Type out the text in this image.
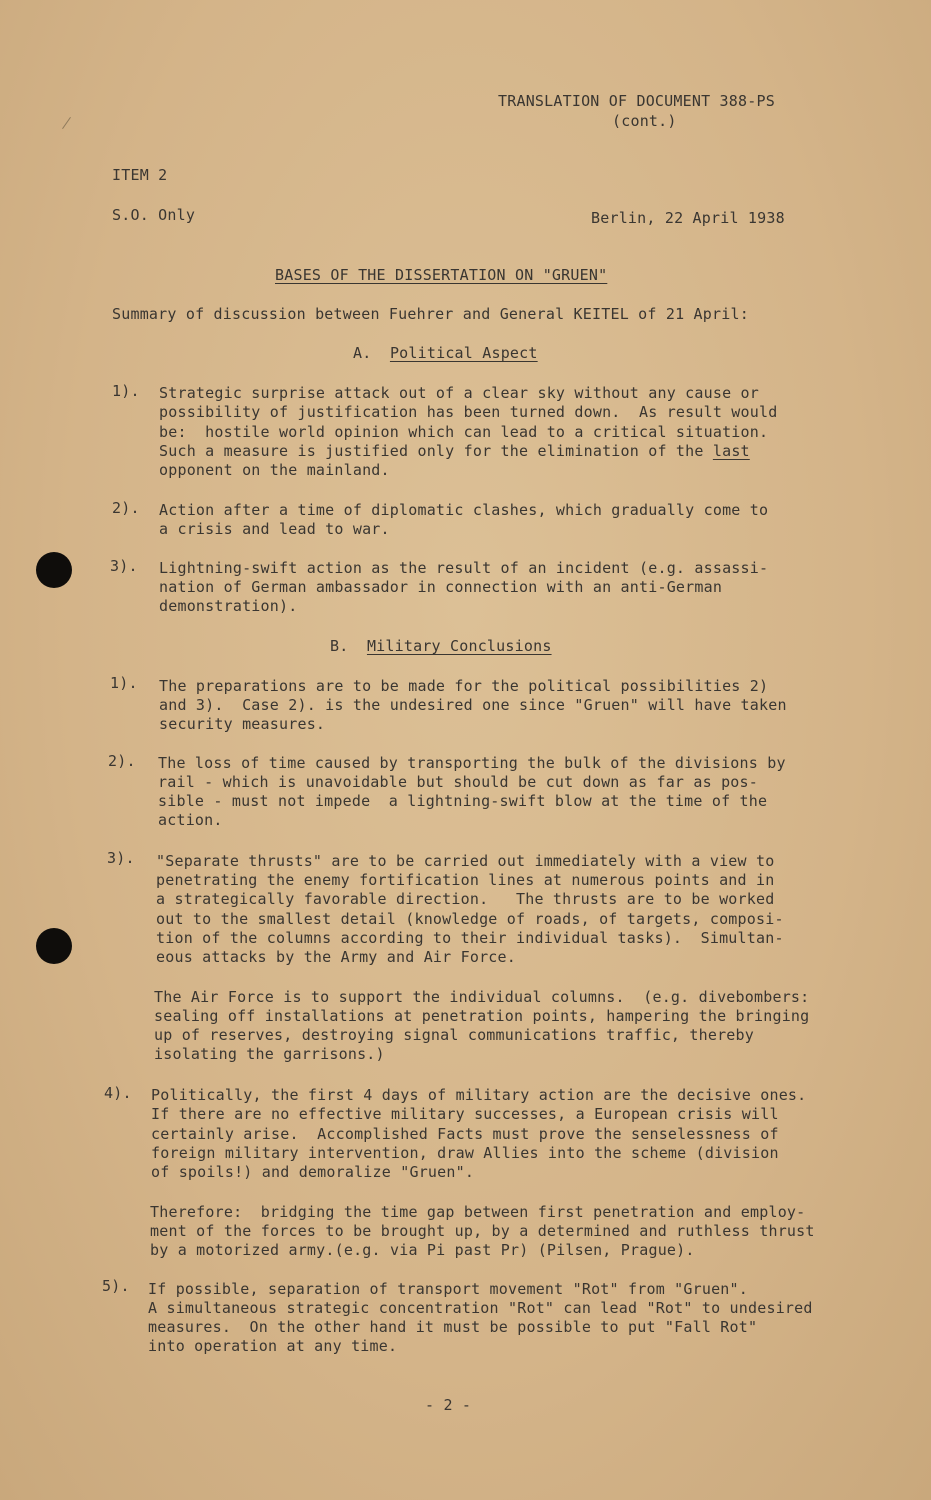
TRANSLATION OF DOCUMENT 388-PS
(cont.)
ITEM 2
S.O. Only	Berlin, 22 April 1938
BASES OF THE DISSERTATION ON "GRUEN"
Summary of discussion between Fuehrer and General KEITEL of 21 April:
A. Political Aspect
1). Strategic surprise attack out of a clear sky without any cause or
possibility of justification has been turned down.  As result would
be:  hostile world opinion which can lead to a critical situation.
Such a measure is justified only for the elimination of the last
opponent on the mainland.
2). Action after a time of diplomatic clashes, which gradually come to
a crisis and lead to war.
3). Lightning-swift action as the result of an incident (e.g. assassi-
nation of German ambassador in connection with an anti-German
demonstration).
B. Military Conclusions
1). The preparations are to be made for the political possibilities 2)
and 3).  Case 2). is the undesired one since "Gruen" will have taken
security measures.
2). The loss of time caused by transporting the bulk of the divisions by
rail - which is unavoidable but should be cut down as far as pos-
sible - must not impede  a lightning-swift blow at the time of the
action.
3). "Separate thrusts" are to be carried out immediately with a view to
penetrating the enemy fortification lines at numerous points and in
a strategically favorable direction.   The thrusts are to be worked
out to the smallest detail (knowledge of roads, of targets, composi-
tion of the columns according to their individual tasks).  Simultan-
eous attacks by the Army and Air Force.
The Air Force is to support the individual columns.  (e.g. divebombers:
sealing off installations at penetration points, hampering the bringing
up of reserves, destroying signal communications traffic, thereby
isolating the garrisons.)
4). Politically, the first 4 days of military action are the decisive ones.
If there are no effective military successes, a European crisis will
certainly arise.  Accomplished Facts must prove the senselessness of
foreign military intervention, draw Allies into the scheme (division
of spoils!) and demoralize "Gruen".
Therefore:  bridging the time gap between first penetration and employ-
ment of the forces to be brought up, by a determined and ruthless thrust
by a motorized army.(e.g. via Pi past Pr) (Pilsen, Prague).
5). If possible, separation of transport movement "Rot" from "Gruen".
A simultaneous strategic concentration "Rot" can lead "Rot" to undesired
measures.  On the other hand it must be possible to put "Fall Rot"
into operation at any time.
- 2 -
